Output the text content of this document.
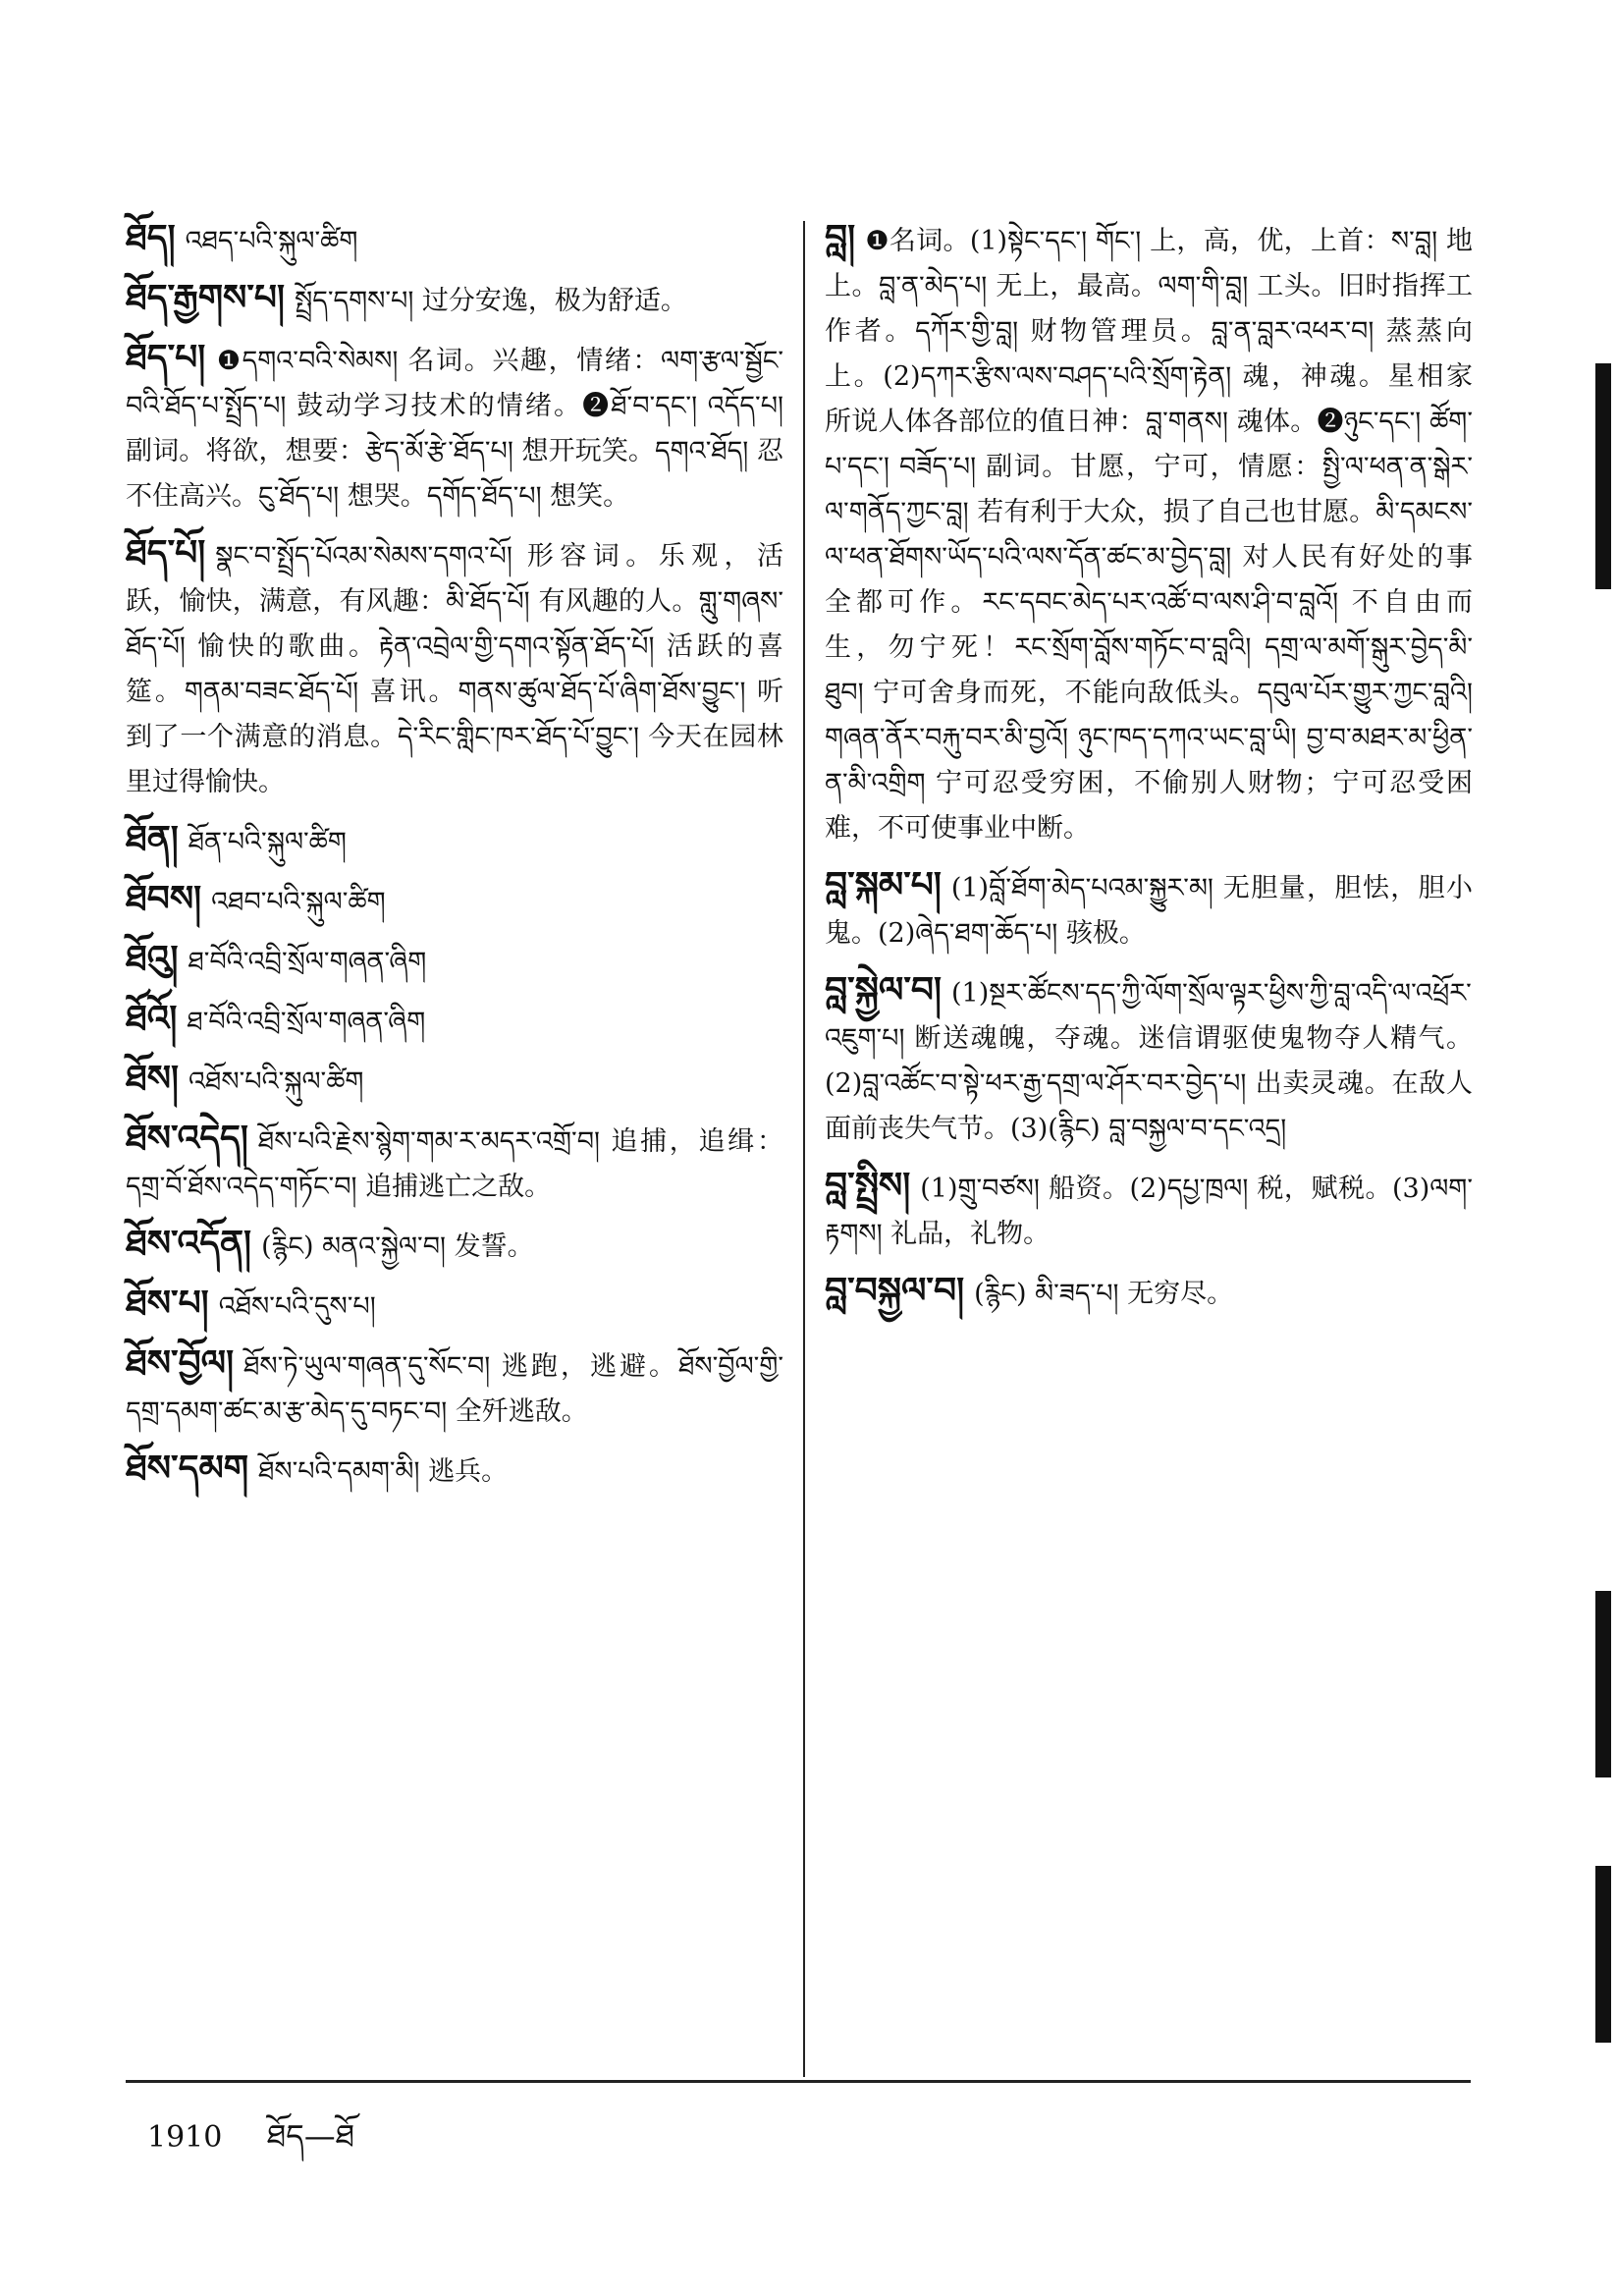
ཐོད། འཐད་པའི་སྐུལ་ཚིག
ཐོད་རྒྱགས་པ། སྤྲོད་དགས་པ། 过分安逸，极为舒适。
ཐོད་པ། ❶དགའ་བའི་སེམས། 名词。兴趣，情绪：ལག་རྩལ་སྦྱོང་བའི་ཐོད་པ་སྤྲོད་པ། 鼓动学习技术的情绪。❷ཐོ་བ་དང་། འདོད་པ། 副词。将欲，想要：རྩེད་མོ་རྩེ་ཐོད་པ། 想开玩笑。དགའ་ཐོད། 忍不住高兴。ངུ་ཐོད་པ། 想哭。དགོད་ཐོད་པ། 想笑。
ཐོད་པོ། སྣང་བ་སྤྲོད་པོའམ་སེམས་དགའ་པོ། 形容词。乐观，活跃，愉快，满意，有风趣：མི་ཐོད་པོ། 有风趣的人。གླུ་གཞས་ཐོད་པོ། 愉快的歌曲。རྟེན་འབྲེལ་གྱི་དགའ་སྟོན་ཐོད་པོ། 活跃的喜筵。གནམ་བཟང་ཐོད་པོ། 喜讯。གནས་ཚུལ་ཐོད་པོ་ཞིག་ཐོས་བྱུང་། 听到了一个满意的消息。དེ་རིང་གླིང་ཁར་ཐོད་པོ་བྱུང་། 今天在园林里过得愉快。
ཐོན། ཐོན་པའི་སྐུལ་ཚིག
ཐོབས། འཐབ་པའི་སྐུལ་ཚིག
ཐོའུ། ཐ་བོའི་འབྲི་སྲོལ་གཞན་ཞིག
ཐོའོ། ཐ་བོའི་འབྲི་སྲོལ་གཞན་ཞིག
ཐོས། འཐོས་པའི་སྐུལ་ཚིག
ཐོས་འདེད། ཐོས་པའི་རྗེས་སྙེག་གམ་ར་མདར་འགྲོ་བ། 追捕，追缉：དགྲ་བོ་ཐོས་འདེད་གཏོང་བ། 追捕逃亡之敌。
ཐོས་འདོན། (རྙིང) མནའ་སྐྱེལ་བ། 发誓。
ཐོས་པ། འཐོས་པའི་དུས་པ།
ཐོས་བྱོལ། ཐོས་ཏེ་ཡུལ་གཞན་དུ་སོང་བ། 逃跑，逃避。ཐོས་བྱོལ་གྱི་དགྲ་དམག་ཚང་མ་རྩ་མེད་དུ་བཏང་བ། 全歼逃敌。
ཐོས་དམག ཐོས་པའི་དམག་མི། 逃兵。
བླ། ❶名词。(1)སྟེང་དང་། གོང་། 上，高，优，上首：ས་བླ། 地上。བླ་ན་མེད་པ། 无上，最高。ལག་གི་བླ། 工头。旧时指挥工作者。དཀོར་གྱི་བླ། 财物管理员。བླ་ན་བླར་འཕར་བ། 蒸蒸向上。(2)དཀར་རྩིས་ལས་བཤད་པའི་སྲོག་རྟེན། 魂，神魂。星相家所说人体各部位的值日神：བླ་གནས། 魂体。❷ཉུང་དང་། ཚོག་པ་དང་། བཟོད་པ། 副词。甘愿，宁可，情愿：སྤྱི་ལ་ཕན་ན་སྒེར་ལ་གནོད་ཀྱང་བླ། 若有利于大众，损了自己也甘愿。མི་དམངས་ལ་ཕན་ཐོགས་ཡོད་པའི་ལས་དོན་ཚང་མ་བྱེད་བླ། 对人民有好处的事全都可作。རང་དབང་མེད་པར་འཚོ་བ་ལས་ཤི་བ་བླའོ། 不自由而生，勿宁死！རང་སྲོག་བློས་གཏོང་བ་བླའི། དགྲ་ལ་མགོ་སྒུར་བྱེད་མི་ཐུབ། 宁可舍身而死，不能向敌低头。དབུལ་པོར་གྱུར་ཀྱང་བླའི། གཞན་ནོར་བརྐུ་བར་མི་བྱའོ། ཉུང་ཁད་དཀའ་ཡང་བླ་ཡི། བྱ་བ་མཐར་མ་ཕྱིན་ན་མི་འགྲིག 宁可忍受穷困，不偷别人财物；宁可忍受困难，不可使事业中断。
བླ་སྐམ་པ། (1)བློ་ཐོག་མེད་པའམ་སྐྱུར་མ། 无胆量，胆怯，胆小鬼。(2)ཞེད་ཐག་ཆོད་པ། 骇极。
བླ་སྐྱེལ་བ། (1)སྔར་ཚོངས་དད་ཀྱི་ལོག་སྲོལ་ལྟར་ཕྱིས་ཀྱི་བླ་འདི་ལ་འཕྲོར་འཇུག་པ། 断送魂魄，夺魂。迷信谓驱使鬼物夺人精气。(2)བླ་འཚོང་བ་སྟེ་ཕར་རྒྱ་དགྲ་ལ་ཤོར་བར་བྱེད་པ། 出卖灵魂。在敌人面前丧失气节。(3)(རྙིང) བླ་བསྐྱལ་བ་དང་འདྲ།
བླ་སྤྲིས། (1)གྲུ་བཙས། 船资。(2)དཔྱ་ཁྲལ། 税，赋税。(3)ལག་རྟགས། 礼品，礼物。
བླ་བསྐྱལ་བ། (རྙིང) མི་ཟད་པ། 无穷尽。
1910 ཐོད—ཐོ
